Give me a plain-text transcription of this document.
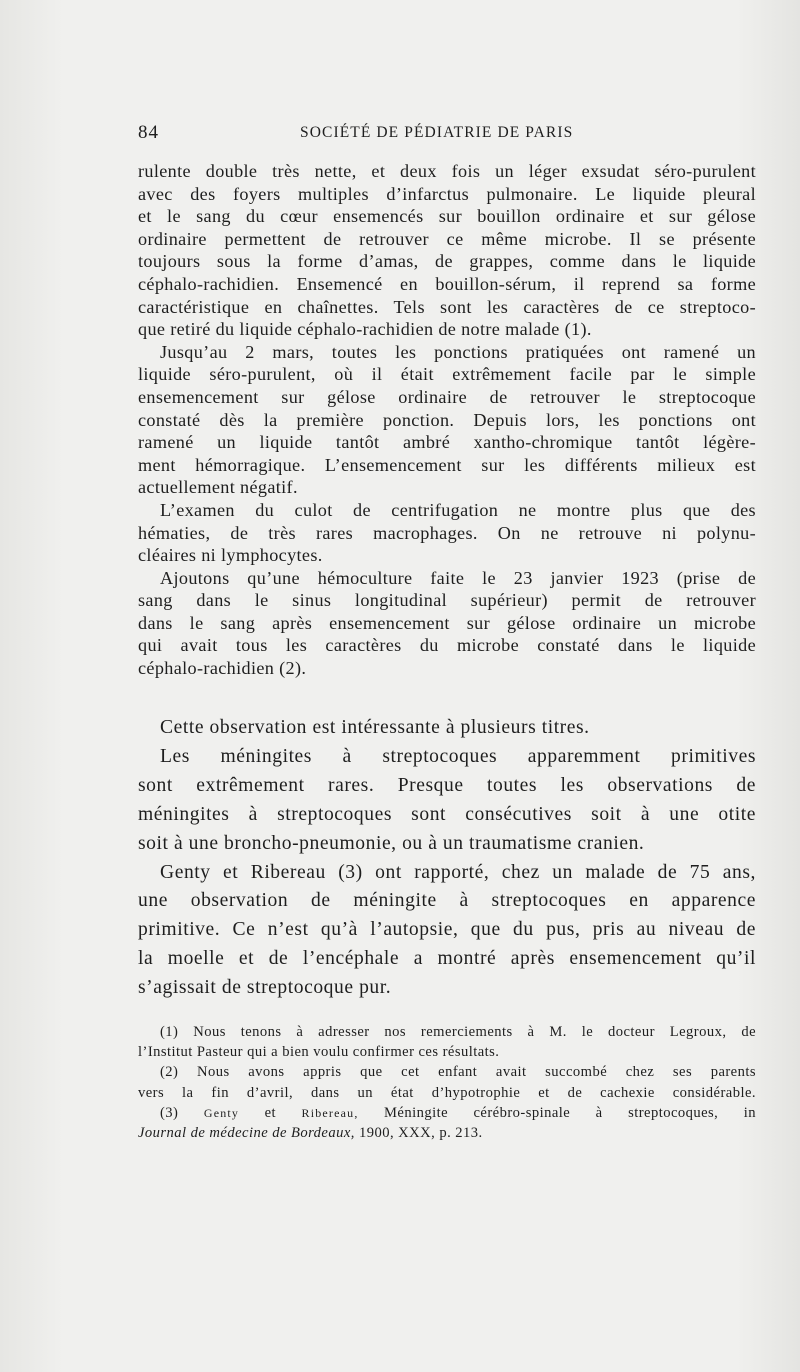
84	SOCIÉTÉ DE PÉDIATRIE DE PARIS
rulente double très nette, et deux fois un léger exsudat séro-purulent
avec des foyers multiples d’infarctus pulmonaire. Le liquide pleural
et le sang du cœur ensemencés sur bouillon ordinaire et sur gélose
ordinaire permettent de retrouver ce même microbe. Il se présente
toujours sous la forme d’amas, de grappes, comme dans le liquide
céphalo-rachidien. Ensemencé en bouillon-sérum, il reprend sa forme
caractéristique en chaînettes. Tels sont les caractères de ce streptoco-
que retiré du liquide céphalo-rachidien de notre malade (1).
Jusqu’au 2 mars, toutes les ponctions pratiquées ont ramené un
liquide séro-purulent, où il était extrêmement facile par le simple
ensemencement sur gélose ordinaire de retrouver le streptocoque
constaté dès la première ponction. Depuis lors, les ponctions ont
ramené un liquide tantôt ambré xantho-chromique tantôt légère-
ment hémorragique. L’ensemencement sur les différents milieux est
actuellement négatif.
L’examen du culot de centrifugation ne montre plus que des
hématies, de très rares macrophages. On ne retrouve ni polynu-
cléaires ni lymphocytes.
Ajoutons qu’une hémoculture faite le 23 janvier 1923 (prise de
sang dans le sinus longitudinal supérieur) permit de retrouver
dans le sang après ensemencement sur gélose ordinaire un microbe
qui avait tous les caractères du microbe constaté dans le liquide
céphalo-rachidien (2).
Cette observation est intéressante à plusieurs titres.
Les méningites à streptocoques apparemment primitives
sont extrêmement rares. Presque toutes les observations de
méningites à streptocoques sont consécutives soit à une otite
soit à une broncho-pneumonie, ou à un traumatisme cranien.
Genty et Ribereau (3) ont rapporté, chez un malade de 75 ans,
une observation de méningite à streptocoques en apparence
primitive. Ce n’est qu’à l’autopsie, que du pus, pris au niveau de
la moelle et de l’encéphale a montré après ensemencement qu’il
s’agissait de streptocoque pur.
(1) Nous tenons à adresser nos remerciements à M. le docteur Legroux, de
l’Institut Pasteur qui a bien voulu confirmer ces résultats.
(2) Nous avons appris que cet enfant avait succombé chez ses parents
vers la fin d’avril, dans un état d’hypotrophie et de cachexie considérable.
(3) Genty et Ribereau, Méningite cérébro-spinale à streptocoques, in
Journal de médecine de Bordeaux, 1900, XXX, p. 213.
